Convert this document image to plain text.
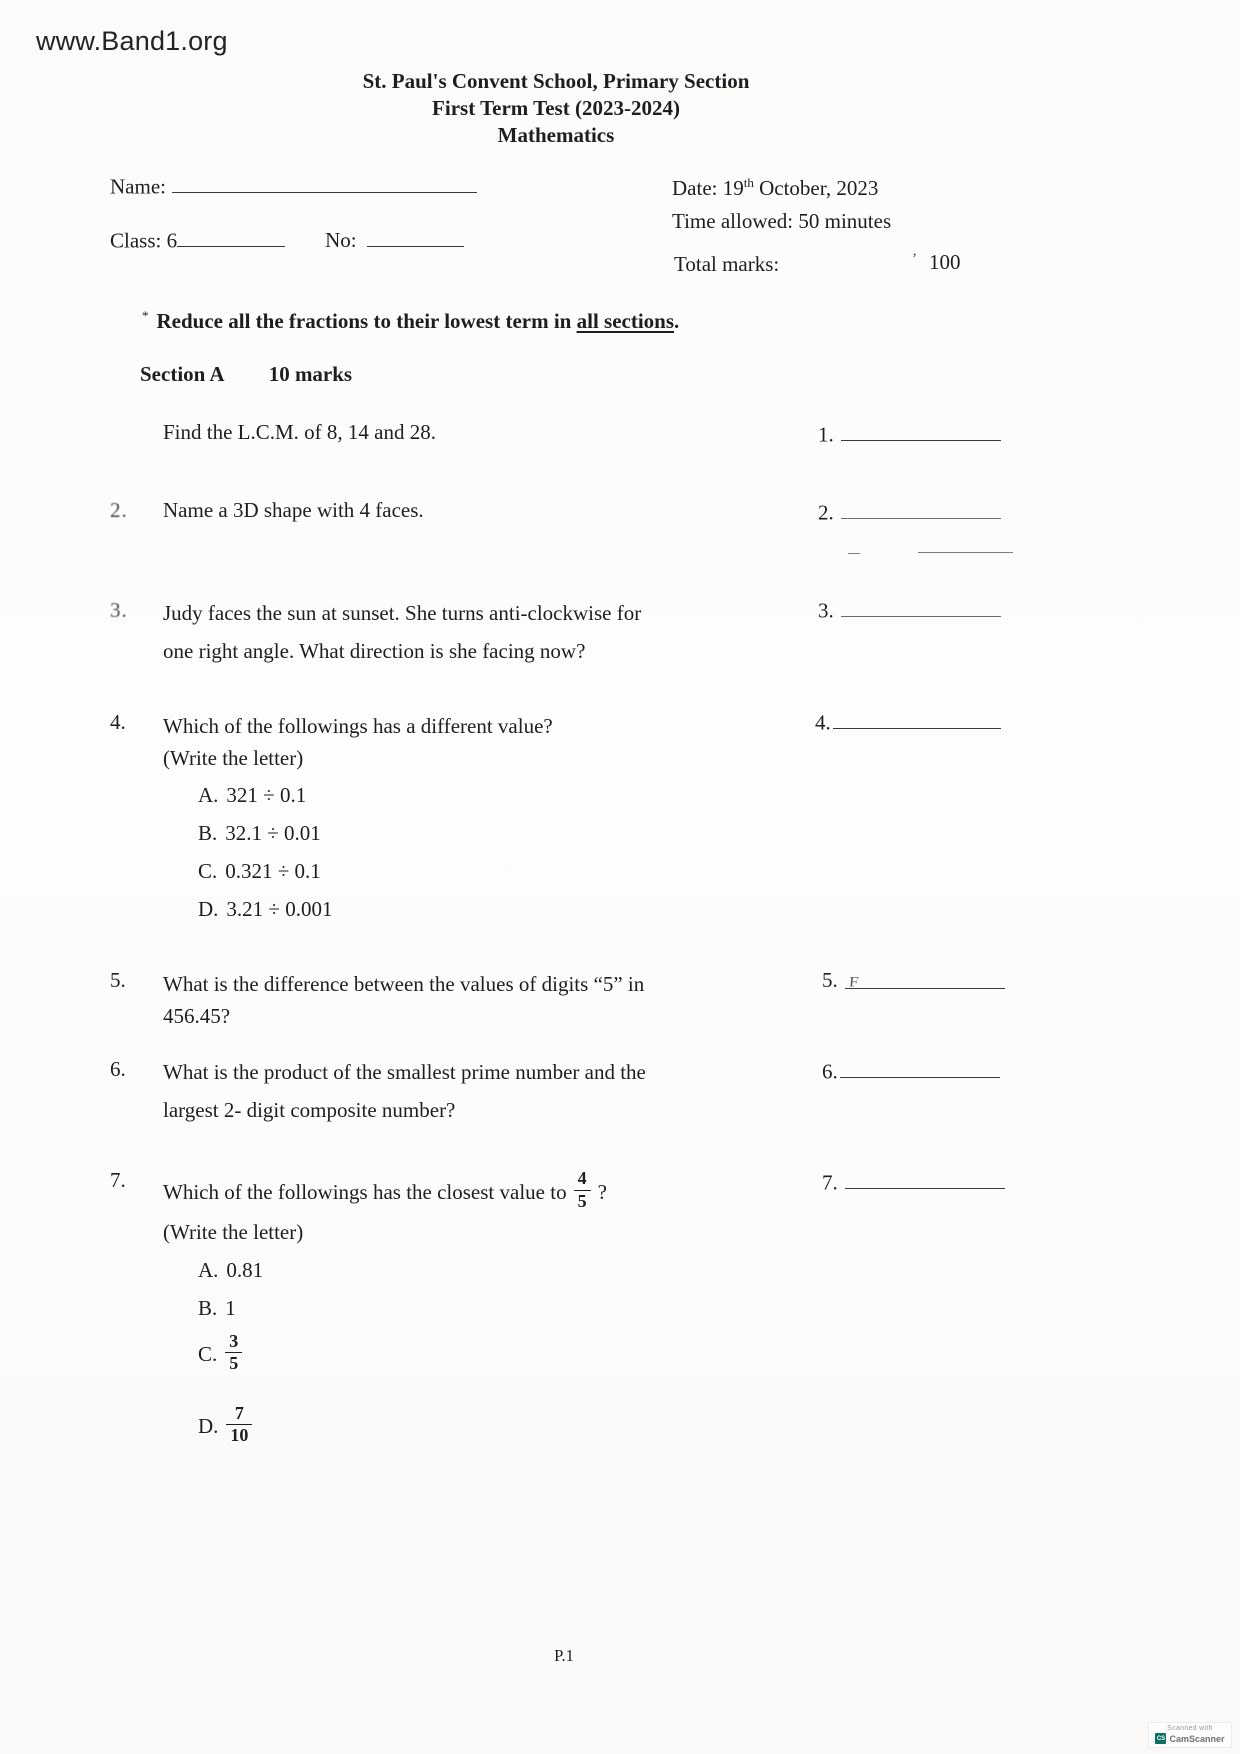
www.Band1.org
St. Paul's Convent School, Primary Section
First Term Test (2023-2024)
Mathematics
Name:	Date: 19th October, 2023
Time allowed: 50 minutes
Class: 6	No:
Total marks:	’ 100
* Reduce all the fractions to their lowest term in all sections.
Section A 10 marks
Find the L.C.M. of 8, 14 and 28.	1.
2. Name a 3D shape with 4 faces.	2.
3. Judy faces the sun at sunset. She turns anti-clockwise for
one right angle. What direction is she facing now?
3.
4. Which of the followings has a different value?
(Write the letter)
4.
A. 321 ÷ 0.1
B. 32.1 ÷ 0.01
C. 0.321 ÷ 0.1
D. 3.21 ÷ 0.001
5. What is the difference between the values of digits “5” in
456.45?
5. F
6. What is the product of the smallest prime number and the
largest 2- digit composite number?
6.
7. Which of the followings has the closest value to $\frac{4}{5}$ ?
(Write the letter)
7.
A. 0.81
B. 1
C. $\frac{3}{5}$
D. $\frac{7}{10}$
P.1
Scanned with
CS CamScanner
